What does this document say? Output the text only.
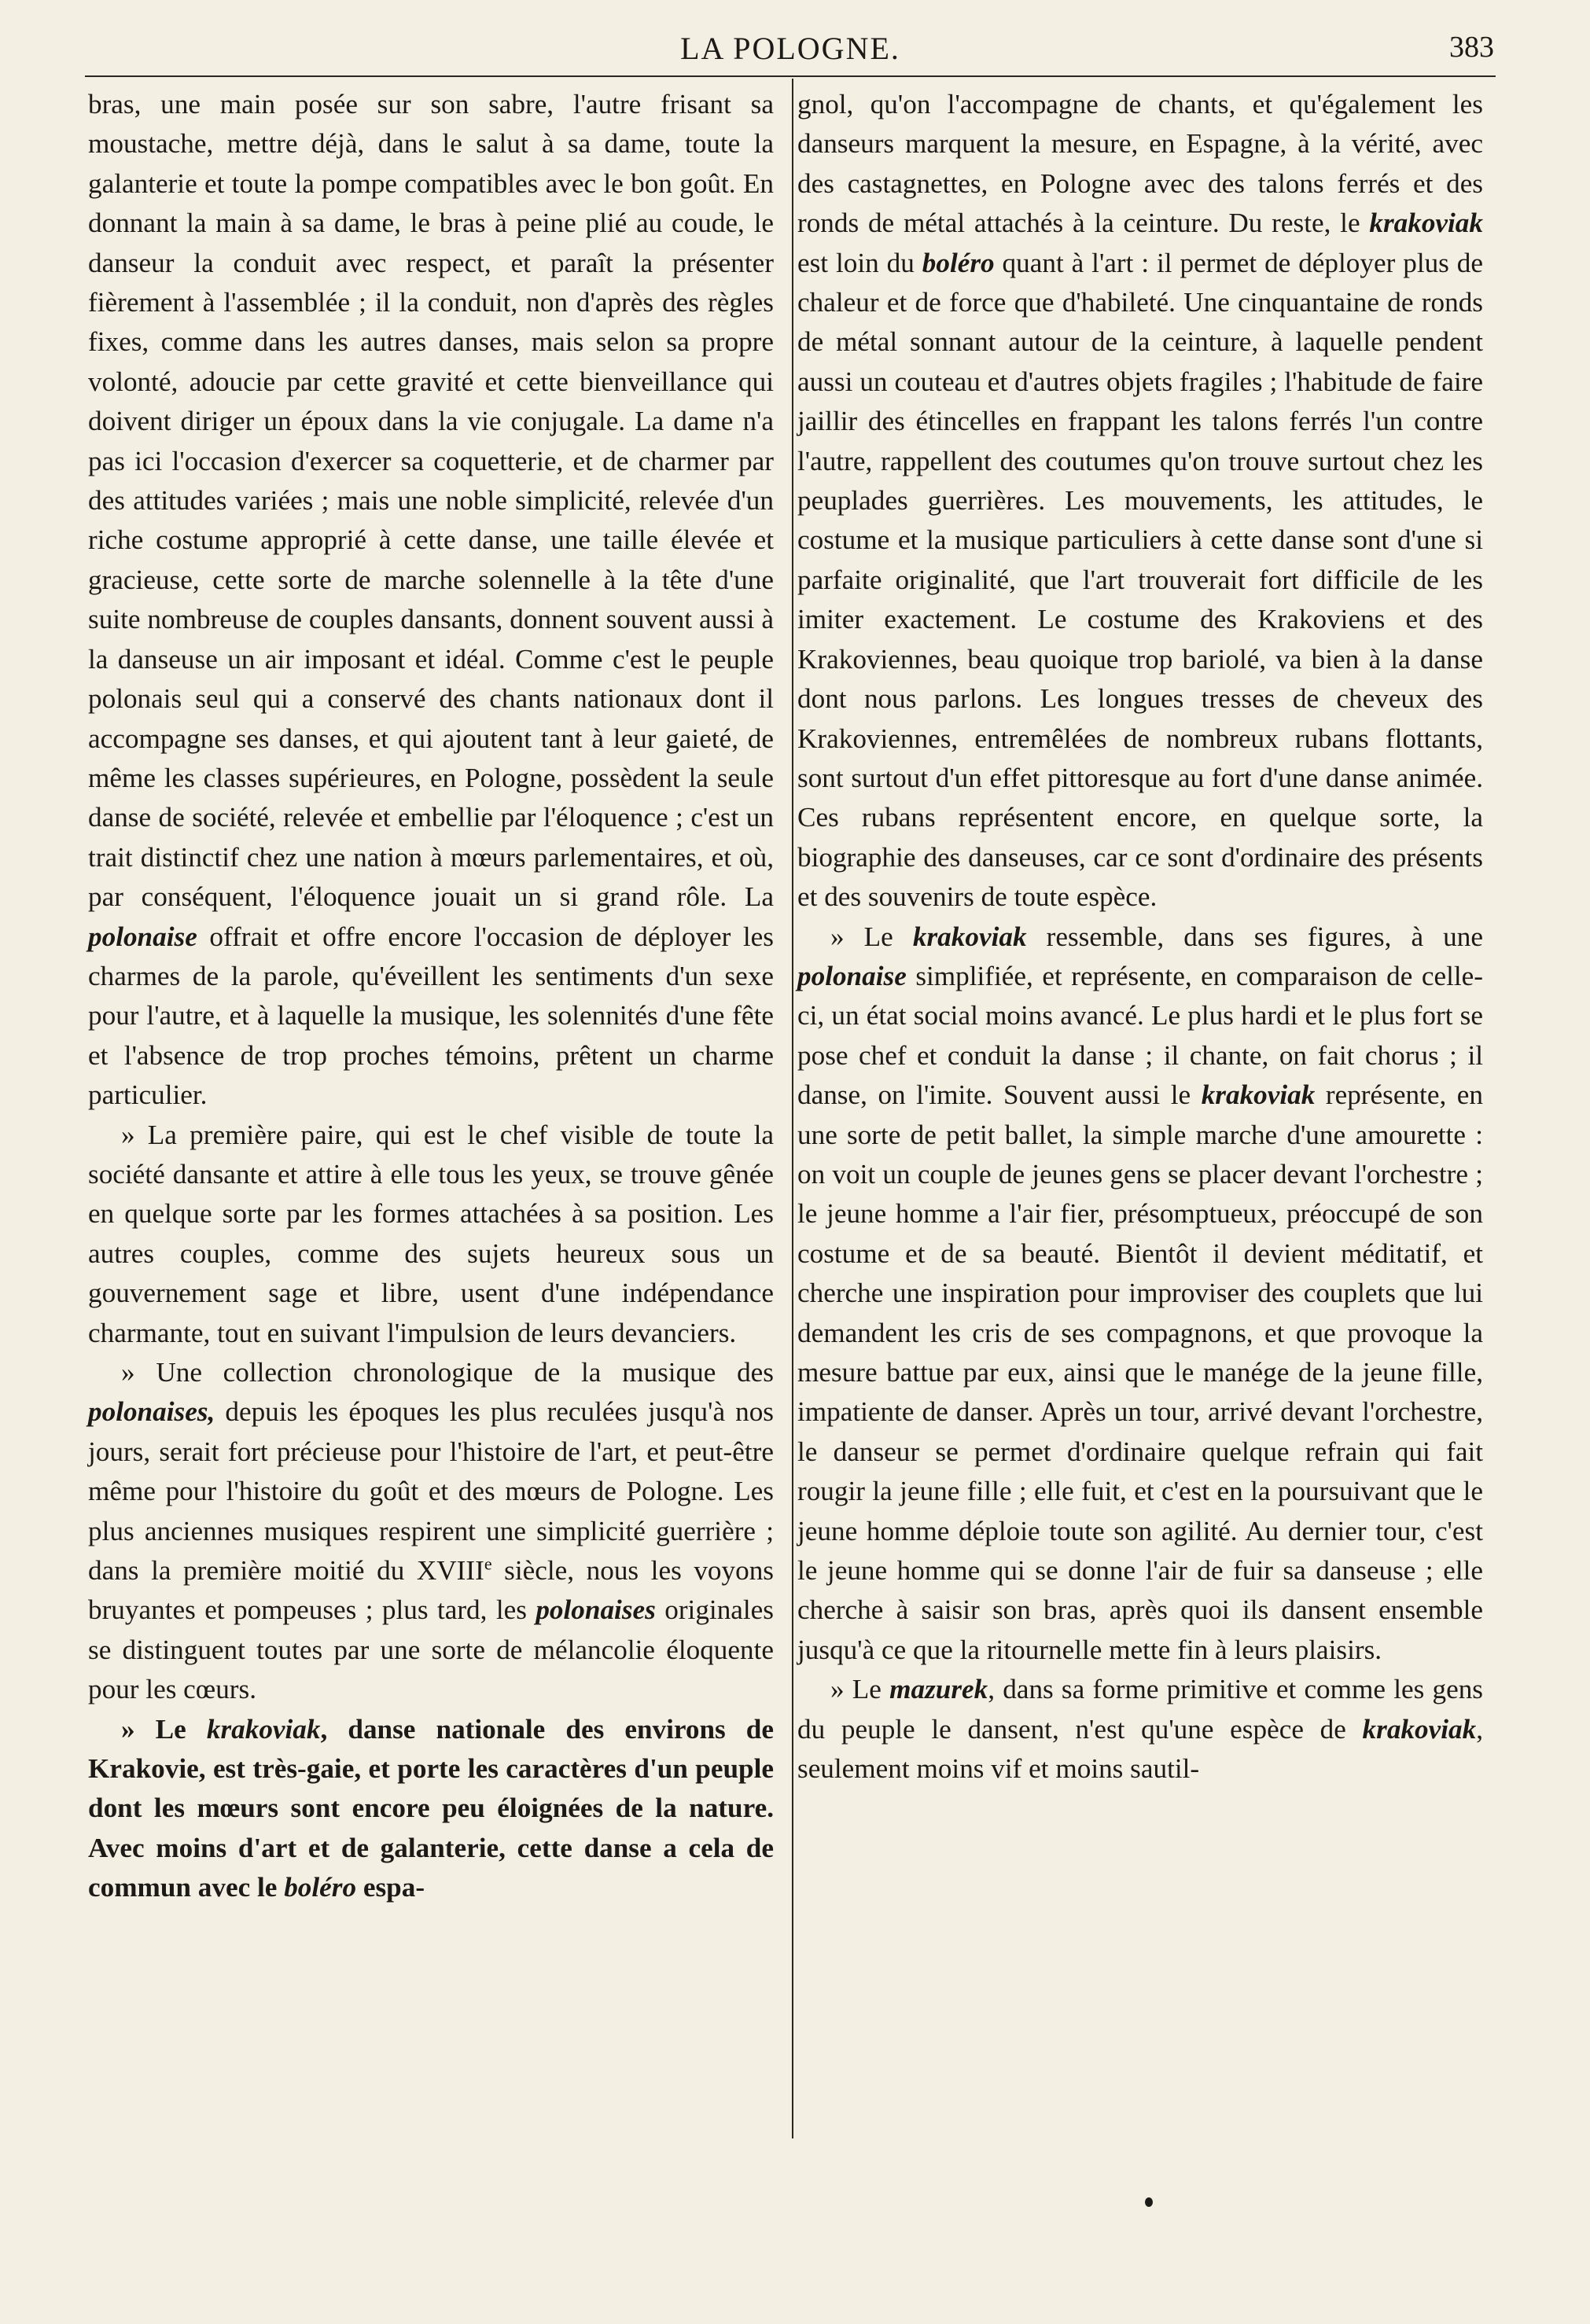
LA POLOGNE.	383

bras, une main posée sur son sabre, l'autre frisant sa moustache, mettre déjà, dans le salut à sa dame, toute la galanterie et toute la pompe compatibles avec le bon goût. En donnant la main à sa dame, le bras à peine plié au coude, le danseur la conduit avec respect, et paraît la présenter fièrement à l'assemblée ; il la conduit, non d'après des règles fixes, comme dans les autres danses, mais selon sa propre volonté, adoucie par cette gravité et cette bienveillance qui doivent diriger un époux dans la vie conjugale. La dame n'a pas ici l'occasion d'exercer sa coquetterie, et de charmer par des attitudes variées ; mais une noble simplicité, relevée d'un riche costume approprié à cette danse, une taille élevée et gracieuse, cette sorte de marche solennelle à la tête d'une suite nombreuse de couples dansants, donnent souvent aussi à la danseuse un air imposant et idéal. Comme c'est le peuple polonais seul qui a conservé des chants nationaux dont il accompagne ses danses, et qui ajoutent tant à leur gaieté, de même les classes supérieures, en Pologne, possèdent la seule danse de société, relevée et embellie par l'éloquence ; c'est un trait distinctif chez une nation à mœurs parlementaires, et où, par conséquent, l'éloquence jouait un si grand rôle. La polonaise offrait et offre encore l'occasion de déployer les charmes de la parole, qu'éveillent les sentiments d'un sexe pour l'autre, et à laquelle la musique, les solennités d'une fête et l'absence de trop proches témoins, prêtent un charme particulier.

» La première paire, qui est le chef visible de toute la société dansante et attire à elle tous les yeux, se trouve gênée en quelque sorte par les formes attachées à sa position. Les autres couples, comme des sujets heureux sous un gouvernement sage et libre, usent d'une indépendance charmante, tout en suivant l'impulsion de leurs devanciers.

» Une collection chronologique de la musique des polonaises, depuis les époques les plus reculées jusqu'à nos jours, serait fort précieuse pour l'histoire de l'art, et peut-être même pour l'histoire du goût et des mœurs de Pologne. Les plus anciennes musiques respirent une simplicité guerrière ; dans la première moitié du XVIIIe siècle, nous les voyons bruyantes et pompeuses ; plus tard, les polonaises originales se distinguent toutes par une sorte de mélancolie éloquente pour les cœurs.

» Le krakoviak, danse nationale des environs de Krakovie, est très-gaie, et porte les caractères d'un peuple dont les mœurs sont encore peu éloignées de la nature. Avec moins d'art et de galanterie, cette danse a cela de commun avec le boléro espa-

gnol, qu'on l'accompagne de chants, et qu'également les danseurs marquent la mesure, en Espagne, à la vérité, avec des castagnettes, en Pologne avec des talons ferrés et des ronds de métal attachés à la ceinture. Du reste, le krakoviak est loin du boléro quant à l'art : il permet de déployer plus de chaleur et de force que d'habileté. Une cinquantaine de ronds de métal sonnant autour de la ceinture, à laquelle pendent aussi un couteau et d'autres objets fragiles ; l'habitude de faire jaillir des étincelles en frappant les talons ferrés l'un contre l'autre, rappellent des coutumes qu'on trouve surtout chez les peuplades guerrières. Les mouvements, les attitudes, le costume et la musique particuliers à cette danse sont d'une si parfaite originalité, que l'art trouverait fort difficile de les imiter exactement. Le costume des Krakoviens et des Krakoviennes, beau quoique trop bariolé, va bien à la danse dont nous parlons. Les longues tresses de cheveux des Krakoviennes, entremêlées de nombreux rubans flottants, sont surtout d'un effet pittoresque au fort d'une danse animée. Ces rubans représentent encore, en quelque sorte, la biographie des danseuses, car ce sont d'ordinaire des présents et des souvenirs de toute espèce.

» Le krakoviak ressemble, dans ses figures, à une polonaise simplifiée, et représente, en comparaison de celle-ci, un état social moins avancé. Le plus hardi et le plus fort se pose chef et conduit la danse ; il chante, on fait chorus ; il danse, on l'imite. Souvent aussi le krakoviak représente, en une sorte de petit ballet, la simple marche d'une amourette : on voit un couple de jeunes gens se placer devant l'orchestre ; le jeune homme a l'air fier, présomptueux, préoccupé de son costume et de sa beauté. Bientôt il devient méditatif, et cherche une inspiration pour improviser des couplets que lui demandent les cris de ses compagnons, et que provoque la mesure battue par eux, ainsi que le manége de la jeune fille, impatiente de danser. Après un tour, arrivé devant l'orchestre, le danseur se permet d'ordinaire quelque refrain qui fait rougir la jeune fille ; elle fuit, et c'est en la poursuivant que le jeune homme déploie toute son agilité. Au dernier tour, c'est le jeune homme qui se donne l'air de fuir sa danseuse ; elle cherche à saisir son bras, après quoi ils dansent ensemble jusqu'à ce que la ritournelle mette fin à leurs plaisirs.

» Le mazurek, dans sa forme primitive et comme les gens du peuple le dansent, n'est qu'une espèce de krakoviak, seulement moins vif et moins sautil-
